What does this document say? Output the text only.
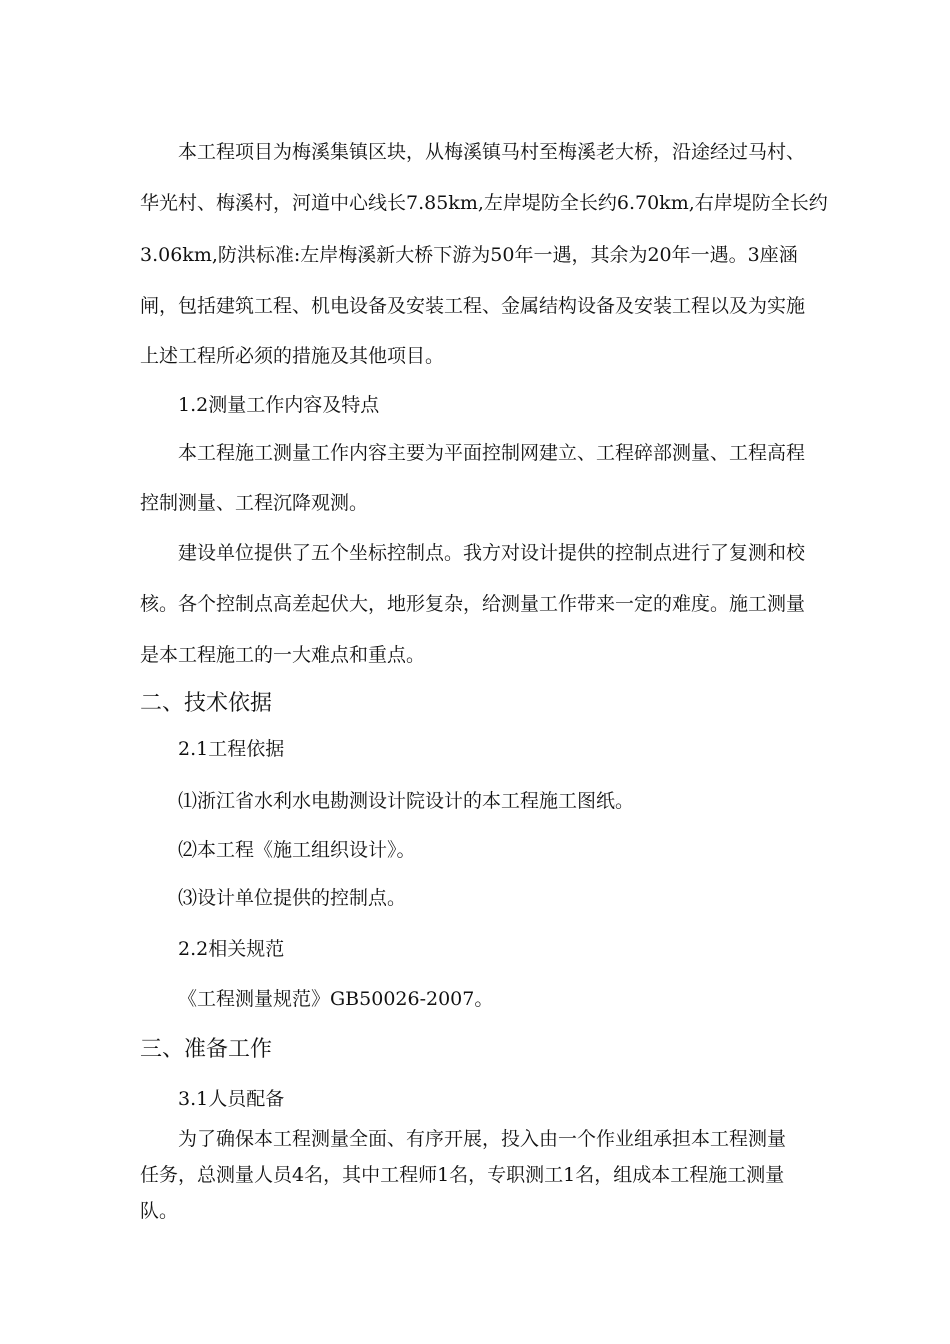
本工程项目为梅溪集镇区块，从梅溪镇马村至梅溪老大桥，沿途经过马村、
华光村、梅溪村，河道中心线长7.85km,左岸堤防全长约6.70km,右岸堤防全长约
3.06km,防洪标准:左岸梅溪新大桥下游为50年一遇，其余为20年一遇。3座涵
闸，包括建筑工程、机电设备及安装工程、金属结构设备及安装工程以及为实施
上述工程所必须的措施及其他项目。
1.2测量工作内容及特点
本工程施工测量工作内容主要为平面控制网建立、工程碎部测量、工程高程
控制测量、工程沉降观测。
建设单位提供了五个坐标控制点。我方对设计提供的控制点进行了复测和校
核。各个控制点高差起伏大，地形复杂，给测量工作带来一定的难度。施工测量
是本工程施工的一大难点和重点。
二、技术依据
2.1工程依据
⑴浙江省水利水电勘测设计院设计的本工程施工图纸。
⑵本工程《施工组织设计》。
⑶设计单位提供的控制点。
2.2相关规范
《工程测量规范》GB50026-2007。
三、准备工作
3.1人员配备
为了确保本工程测量全面、有序开展，投入由一个作业组承担本工程测量
任务，总测量人员4名，其中工程师1名，专职测工1名，组成本工程施工测量
队。
